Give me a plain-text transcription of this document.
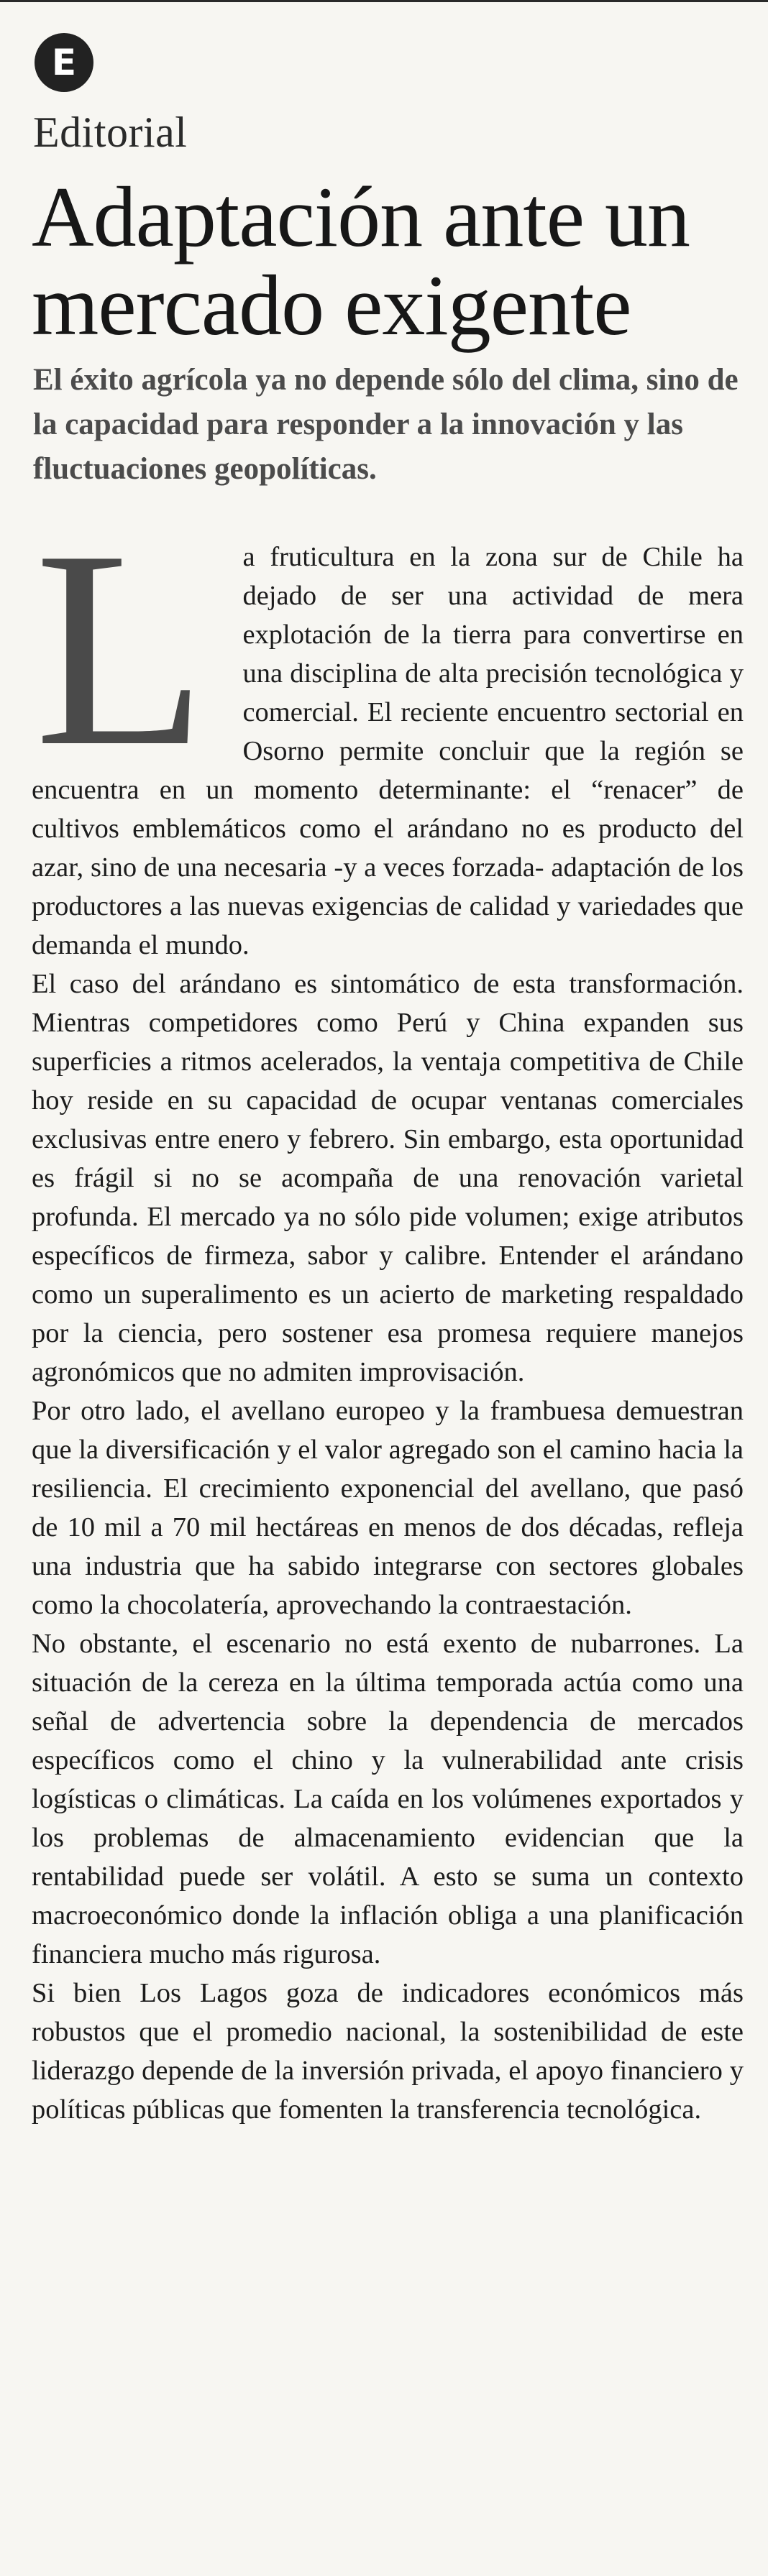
E
Editorial
Adaptación ante un mercado exigente

El éxito agrícola ya no depende sólo del clima, sino de la capacidad para responder a la innovación y las fluctuaciones geopolíticas.

L a fruticultura en la zona sur de Chile ha dejado de ser una actividad de mera explotación de la tierra para convertirse en una disciplina de alta precisión tecnológica y comercial. El reciente encuentro sectorial en Osorno permite concluir que la región se encuentra en un momento determinante: el “renacer” de cultivos emblemáticos como el arándano no es producto del azar, sino de una necesaria -y a veces forzada- adaptación de los productores a las nuevas exigencias de calidad y variedades que demanda el mundo.

El caso del arándano es sintomático de esta transformación. Mientras competidores como Perú y China expanden sus superficies a ritmos acelerados, la ventaja competitiva de Chile hoy reside en su capacidad de ocupar ventanas comerciales exclusivas entre enero y febrero. Sin embargo, esta oportunidad es frágil si no se acompaña de una renovación varietal profunda. El mercado ya no sólo pide volumen; exige atributos específicos de firmeza, sabor y calibre. Entender el arándano como un superalimento es un acierto de marketing respaldado por la ciencia, pero sostener esa promesa requiere manejos agronómicos que no admiten improvisación.

Por otro lado, el avellano europeo y la frambuesa demuestran que la diversificación y el valor agregado son el camino hacia la resiliencia. El crecimiento exponencial del avellano, que pasó de 10 mil a 70 mil hectáreas en menos de dos décadas, refleja una industria que ha sabido integrarse con sectores globales como la chocolatería, aprovechando la contraestación.

No obstante, el escenario no está exento de nubarrones. La situación de la cereza en la última temporada actúa como una señal de advertencia sobre la dependencia de mercados específicos como el chino y la vulnerabilidad ante crisis logísticas o climáticas. La caída en los volúmenes exportados y los problemas de almacenamiento evidencian que la rentabilidad puede ser volátil. A esto se suma un contexto macroeconómico donde la inflación obliga a una planificación financiera mucho más rigurosa.

Si bien Los Lagos goza de indicadores económicos más robustos que el promedio nacional, la sostenibilidad de este liderazgo depende de la inversión privada, el apoyo financiero y políticas públicas que fomenten la transferencia tecnológica.
